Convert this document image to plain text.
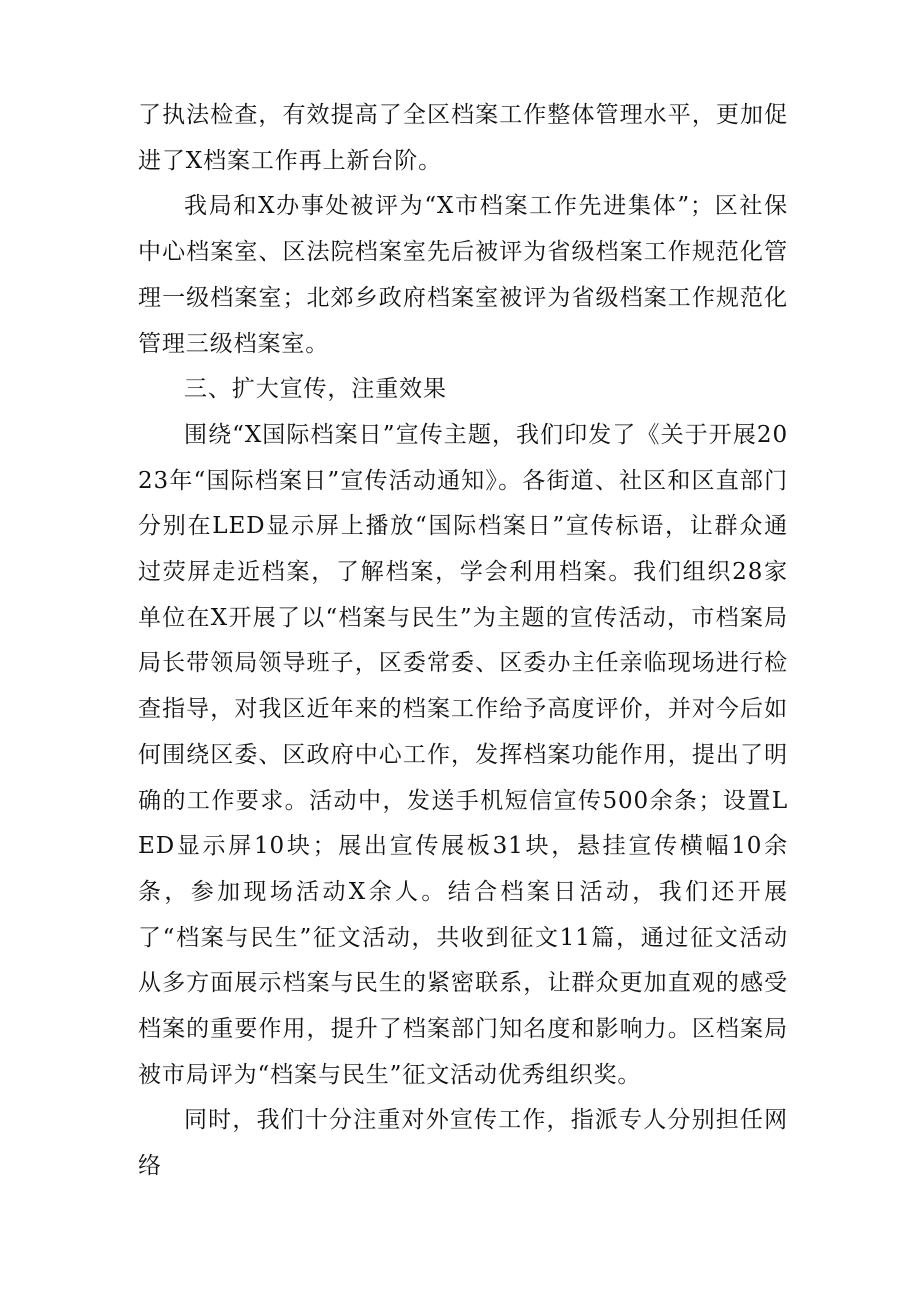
了执法检查，有效提高了全区档案工作整体管理水平，更加促进了X档案工作再上新台阶。

我局和X办事处被评为“X市档案工作先进集体”；区社保中心档案室、区法院档案室先后被评为省级档案工作规范化管理一级档案室；北郊乡政府档案室被评为省级档案工作规范化管理三级档案室。

三、扩大宣传，注重效果

围绕“X国际档案日”宣传主题，我们印发了《关于开展2023年“国际档案日”宣传活动通知》。各街道、社区和区直部门分别在LED显示屏上播放“国际档案日”宣传标语，让群众通过荧屏走近档案，了解档案，学会利用档案。我们组织28家单位在X开展了以“档案与民生”为主题的宣传活动，市档案局局长带领局领导班子，区委常委、区委办主任亲临现场进行检查指导，对我区近年来的档案工作给予高度评价，并对今后如何围绕区委、区政府中心工作，发挥档案功能作用，提出了明确的工作要求。活动中，发送手机短信宣传500余条；设置LED显示屏10块；展出宣传展板31块，悬挂宣传横幅10余条，参加现场活动X余人。结合档案日活动，我们还开展了“档案与民生”征文活动，共收到征文11篇，通过征文活动从多方面展示档案与民生的紧密联系，让群众更加直观的感受档案的重要作用，提升了档案部门知名度和影响力。区档案局被市局评为“档案与民生”征文活动优秀组织奖。

同时，我们十分注重对外宣传工作，指派专人分别担任网络
